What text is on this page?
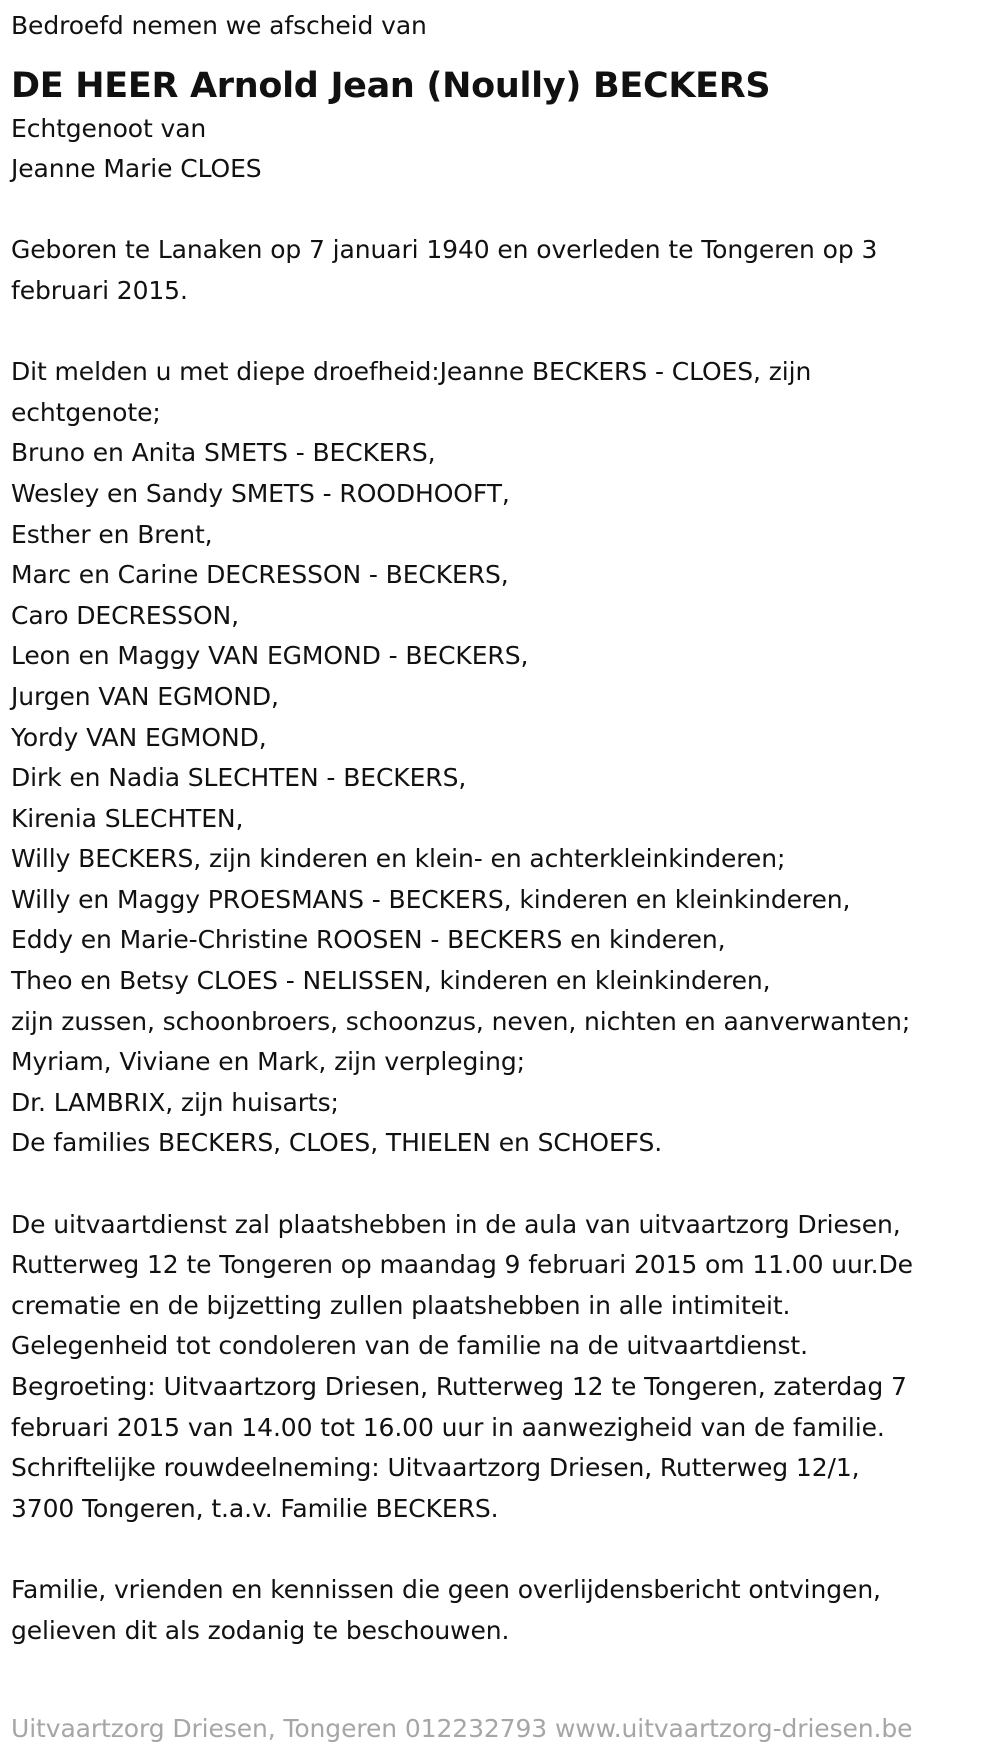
Bedroefd nemen we afscheid van
DE HEER Arnold Jean (Noully) BECKERS
Echtgenoot van
Jeanne Marie CLOES
Geboren te Lanaken op 7 januari 1940 en overleden te Tongeren op 3
februari 2015.
Dit melden u met diepe droefheid:Jeanne BECKERS - CLOES, zijn
echtgenote;
Bruno en Anita SMETS - BECKERS,
Wesley en Sandy SMETS - ROODHOOFT,
Esther en Brent,
Marc en Carine DECRESSON - BECKERS,
Caro DECRESSON,
Leon en Maggy VAN EGMOND - BECKERS,
Jurgen VAN EGMOND,
Yordy VAN EGMOND,
Dirk en Nadia SLECHTEN - BECKERS,
Kirenia SLECHTEN,
Willy BECKERS, zijn kinderen en klein- en achterkleinkinderen;
Willy en Maggy PROESMANS - BECKERS, kinderen en kleinkinderen,
Eddy en Marie-Christine ROOSEN - BECKERS en kinderen,
Theo en Betsy CLOES - NELISSEN, kinderen en kleinkinderen,
zijn zussen, schoonbroers, schoonzus, neven, nichten en aanverwanten;
Myriam, Viviane en Mark, zijn verpleging;
Dr. LAMBRIX, zijn huisarts;
De families BECKERS, CLOES, THIELEN en SCHOEFS.
De uitvaartdienst zal plaatshebben in de aula van uitvaartzorg Driesen,
Rutterweg 12 te Tongeren op maandag 9 februari 2015 om 11.00 uur.De
crematie en de bijzetting zullen plaatshebben in alle intimiteit.
Gelegenheid tot condoleren van de familie na de uitvaartdienst.
Begroeting: Uitvaartzorg Driesen, Rutterweg 12 te Tongeren, zaterdag 7
februari 2015 van 14.00 tot 16.00 uur in aanwezigheid van de familie.
Schriftelijke rouwdeelneming: Uitvaartzorg Driesen, Rutterweg 12/1,
3700 Tongeren, t.a.v. Familie BECKERS.
Familie, vrienden en kennissen die geen overlijdensbericht ontvingen,
gelieven dit als zodanig te beschouwen.
Uitvaartzorg Driesen, Tongeren 012232793 www.uitvaartzorg-driesen.be
